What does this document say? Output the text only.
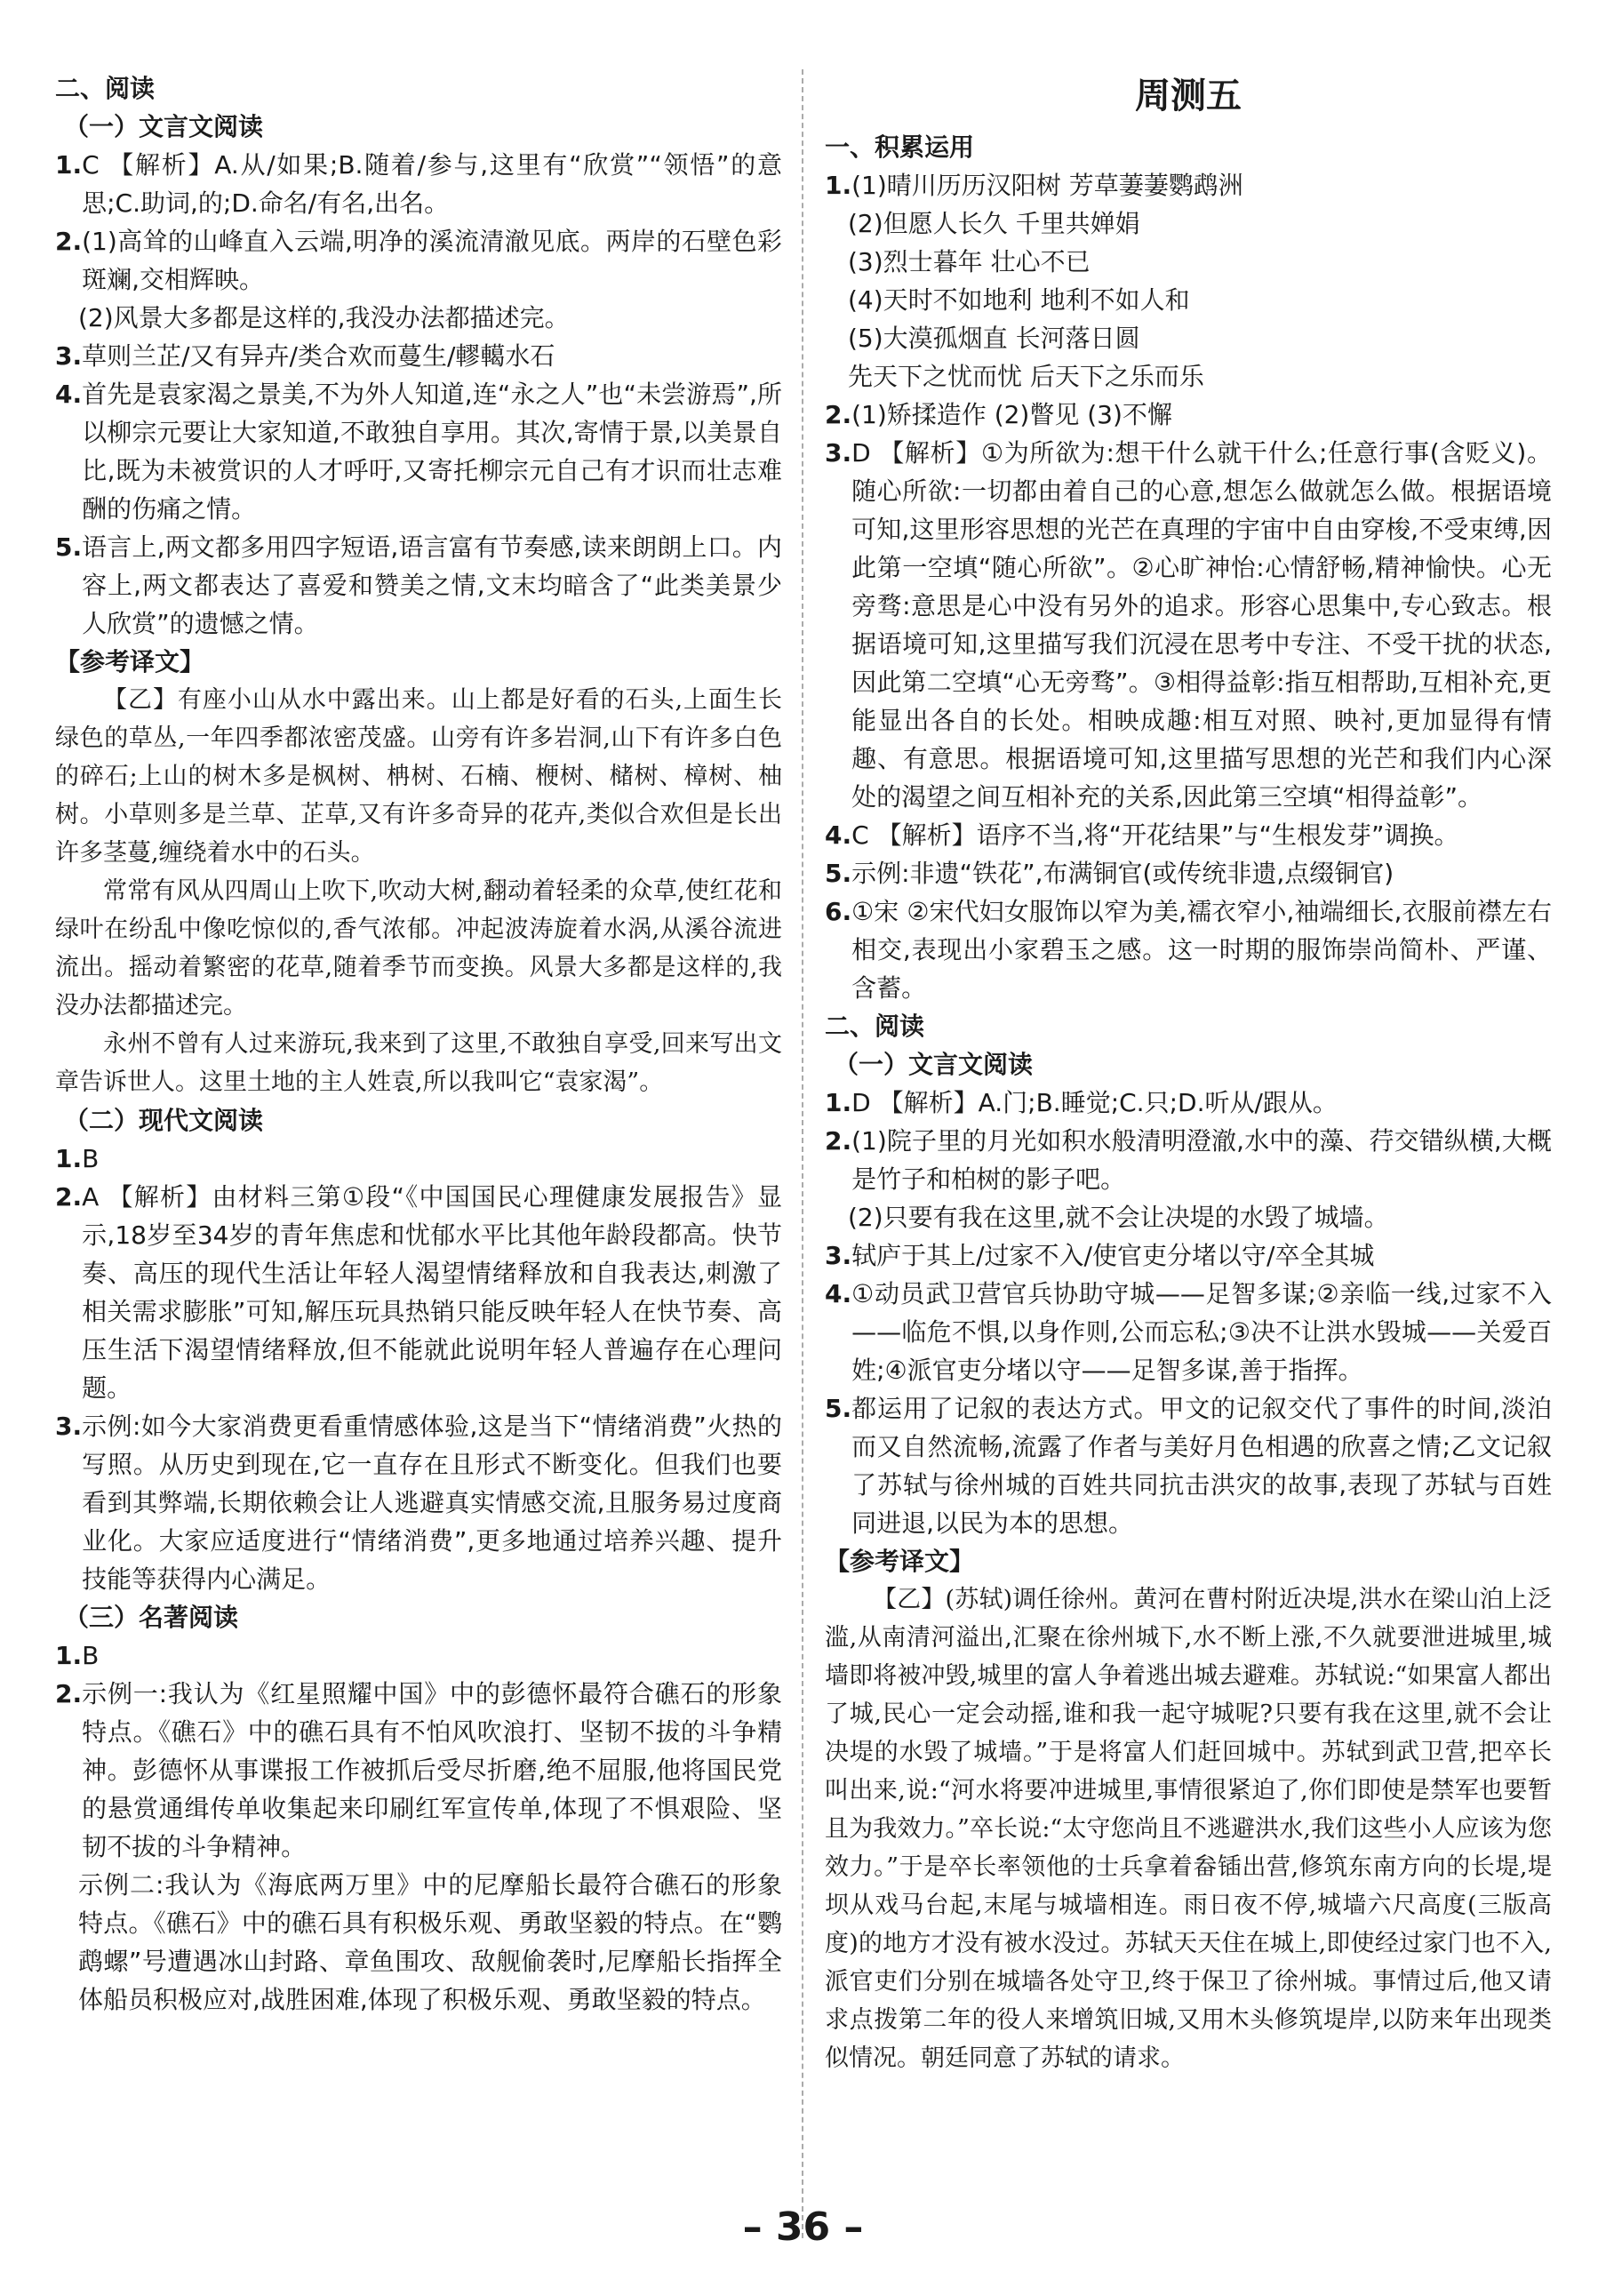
二、阅读
（一）文言文阅读
1. C 【解析】A.从/如果;B.随着/参与,这里有“欣赏”“领悟”的意思;C.助词,的;D.命名/有名,出名。
2. (1)高耸的山峰直入云端,明净的溪流清澈见底。两岸的石壁色彩斑斓,交相辉映。
(2)风景大多都是这样的,我没办法都描述完。
3. 草则兰芷/又有异卉/类合欢而蔓生/轇轕水石
4. 首先是袁家渴之景美,不为外人知道,连“永之人”也“未尝游焉”,所以柳宗元要让大家知道,不敢独自享用。其次,寄情于景,以美景自比,既为未被赏识的人才呼吁,又寄托柳宗元自己有才识而壮志难酬的伤痛之情。
5. 语言上,两文都多用四字短语,语言富有节奏感,读来朗朗上口。内容上,两文都表达了喜爱和赞美之情,文末均暗含了“此类美景少人欣赏”的遗憾之情。
【参考译文】
【乙】有座小山从水中露出来。山上都是好看的石头,上面生长绿色的草丛,一年四季都浓密茂盛。山旁有许多岩洞,山下有许多白色的碎石;上山的树木多是枫树、柟树、石楠、楩树、槠树、樟树、柚树。小草则多是兰草、芷草,又有许多奇异的花卉,类似合欢但是长出许多茎蔓,缠绕着水中的石头。
常常有风从四周山上吹下,吹动大树,翻动着轻柔的众草,使红花和绿叶在纷乱中像吃惊似的,香气浓郁。冲起波涛旋着水涡,从溪谷流进流出。摇动着繁密的花草,随着季节而变换。风景大多都是这样的,我没办法都描述完。
永州不曾有人过来游玩,我来到了这里,不敢独自享受,回来写出文章告诉世人。这里土地的主人姓袁,所以我叫它“袁家渴”。
（二）现代文阅读
1. B
2. A 【解析】由材料三第①段“《中国国民心理健康发展报告》显示,18岁至34岁的青年焦虑和忧郁水平比其他年龄段都高。快节奏、高压的现代生活让年轻人渴望情绪释放和自我表达,刺激了相关需求膨胀”可知,解压玩具热销只能反映年轻人在快节奏、高压生活下渴望情绪释放,但不能就此说明年轻人普遍存在心理问题。
3. 示例:如今大家消费更看重情感体验,这是当下“情绪消费”火热的写照。从历史到现在,它一直存在且形式不断变化。但我们也要看到其弊端,长期依赖会让人逃避真实情感交流,且服务易过度商业化。大家应适度进行“情绪消费”,更多地通过培养兴趣、提升技能等获得内心满足。
（三）名著阅读
1. B
2. 示例一:我认为《红星照耀中国》中的彭德怀最符合礁石的形象特点。《礁石》中的礁石具有不怕风吹浪打、坚韧不拔的斗争精神。彭德怀从事谍报工作被抓后受尽折磨,绝不屈服,他将国民党的悬赏通缉传单收集起来印刷红军宣传单,体现了不惧艰险、坚韧不拔的斗争精神。
示例二:我认为《海底两万里》中的尼摩船长最符合礁石的形象特点。《礁石》中的礁石具有积极乐观、勇敢坚毅的特点。在“鹦鹉螺”号遭遇冰山封路、章鱼围攻、敌舰偷袭时,尼摩船长指挥全体船员积极应对,战胜困难,体现了积极乐观、勇敢坚毅的特点。
周测五
一、积累运用
1. (1)晴川历历汉阳树 芳草萋萋鹦鹉洲
(2)但愿人长久 千里共婵娟
(3)烈士暮年 壮心不已
(4)天时不如地利 地利不如人和
(5)大漠孤烟直 长河落日圆
先天下之忧而忧 后天下之乐而乐
2. (1)矫揉造作 (2)瞥见 (3)不懈
3. D 【解析】①为所欲为:想干什么就干什么;任意行事(含贬义)。随心所欲:一切都由着自己的心意,想怎么做就怎么做。根据语境可知,这里形容思想的光芒在真理的宇宙中自由穿梭,不受束缚,因此第一空填“随心所欲”。②心旷神怡:心情舒畅,精神愉快。心无旁骛:意思是心中没有另外的追求。形容心思集中,专心致志。根据语境可知,这里描写我们沉浸在思考中专注、不受干扰的状态,因此第二空填“心无旁骛”。③相得益彰:指互相帮助,互相补充,更能显出各自的长处。相映成趣:相互对照、映衬,更加显得有情趣、有意思。根据语境可知,这里描写思想的光芒和我们内心深处的渴望之间互相补充的关系,因此第三空填“相得益彰”。
4. C 【解析】语序不当,将“开花结果”与“生根发芽”调换。
5. 示例:非遗“铁花”,布满铜官(或传统非遗,点缀铜官)
6. ①宋 ②宋代妇女服饰以窄为美,襦衣窄小,袖端细长,衣服前襟左右相交,表现出小家碧玉之感。这一时期的服饰崇尚简朴、严谨、含蓄。
二、阅读
（一）文言文阅读
1. D 【解析】A.门;B.睡觉;C.只;D.听从/跟从。
2. (1)院子里的月光如积水般清明澄澈,水中的藻、荇交错纵横,大概是竹子和柏树的影子吧。
(2)只要有我在这里,就不会让决堤的水毁了城墙。
3. 轼庐于其上/过家不入/使官吏分堵以守/卒全其城
4. ①动员武卫营官兵协助守城——足智多谋;②亲临一线,过家不入——临危不惧,以身作则,公而忘私;③决不让洪水毁城——关爱百姓;④派官吏分堵以守——足智多谋,善于指挥。
5. 都运用了记叙的表达方式。甲文的记叙交代了事件的时间,淡泊而又自然流畅,流露了作者与美好月色相遇的欣喜之情;乙文记叙了苏轼与徐州城的百姓共同抗击洪灾的故事,表现了苏轼与百姓同进退,以民为本的思想。
【参考译文】
【乙】(苏轼)调任徐州。黄河在曹村附近决堤,洪水在梁山泊上泛滥,从南清河溢出,汇聚在徐州城下,水不断上涨,不久就要泄进城里,城墙即将被冲毁,城里的富人争着逃出城去避难。苏轼说:“如果富人都出了城,民心一定会动摇,谁和我一起守城呢?只要有我在这里,就不会让决堤的水毁了城墙。”于是将富人们赶回城中。苏轼到武卫营,把卒长叫出来,说:“河水将要冲进城里,事情很紧迫了,你们即使是禁军也要暂且为我效力。”卒长说:“太守您尚且不逃避洪水,我们这些小人应该为您效力。”于是卒长率领他的士兵拿着畚锸出营,修筑东南方向的长堤,堤坝从戏马台起,末尾与城墙相连。雨日夜不停,城墙六尺高度(三版高度)的地方才没有被水没过。苏轼天天住在城上,即使经过家门也不入,派官吏们分别在城墙各处守卫,终于保卫了徐州城。事情过后,他又请求点拨第二年的役人来增筑旧城,又用木头修筑堤岸,以防来年出现类似情况。朝廷同意了苏轼的请求。
– 36 –
